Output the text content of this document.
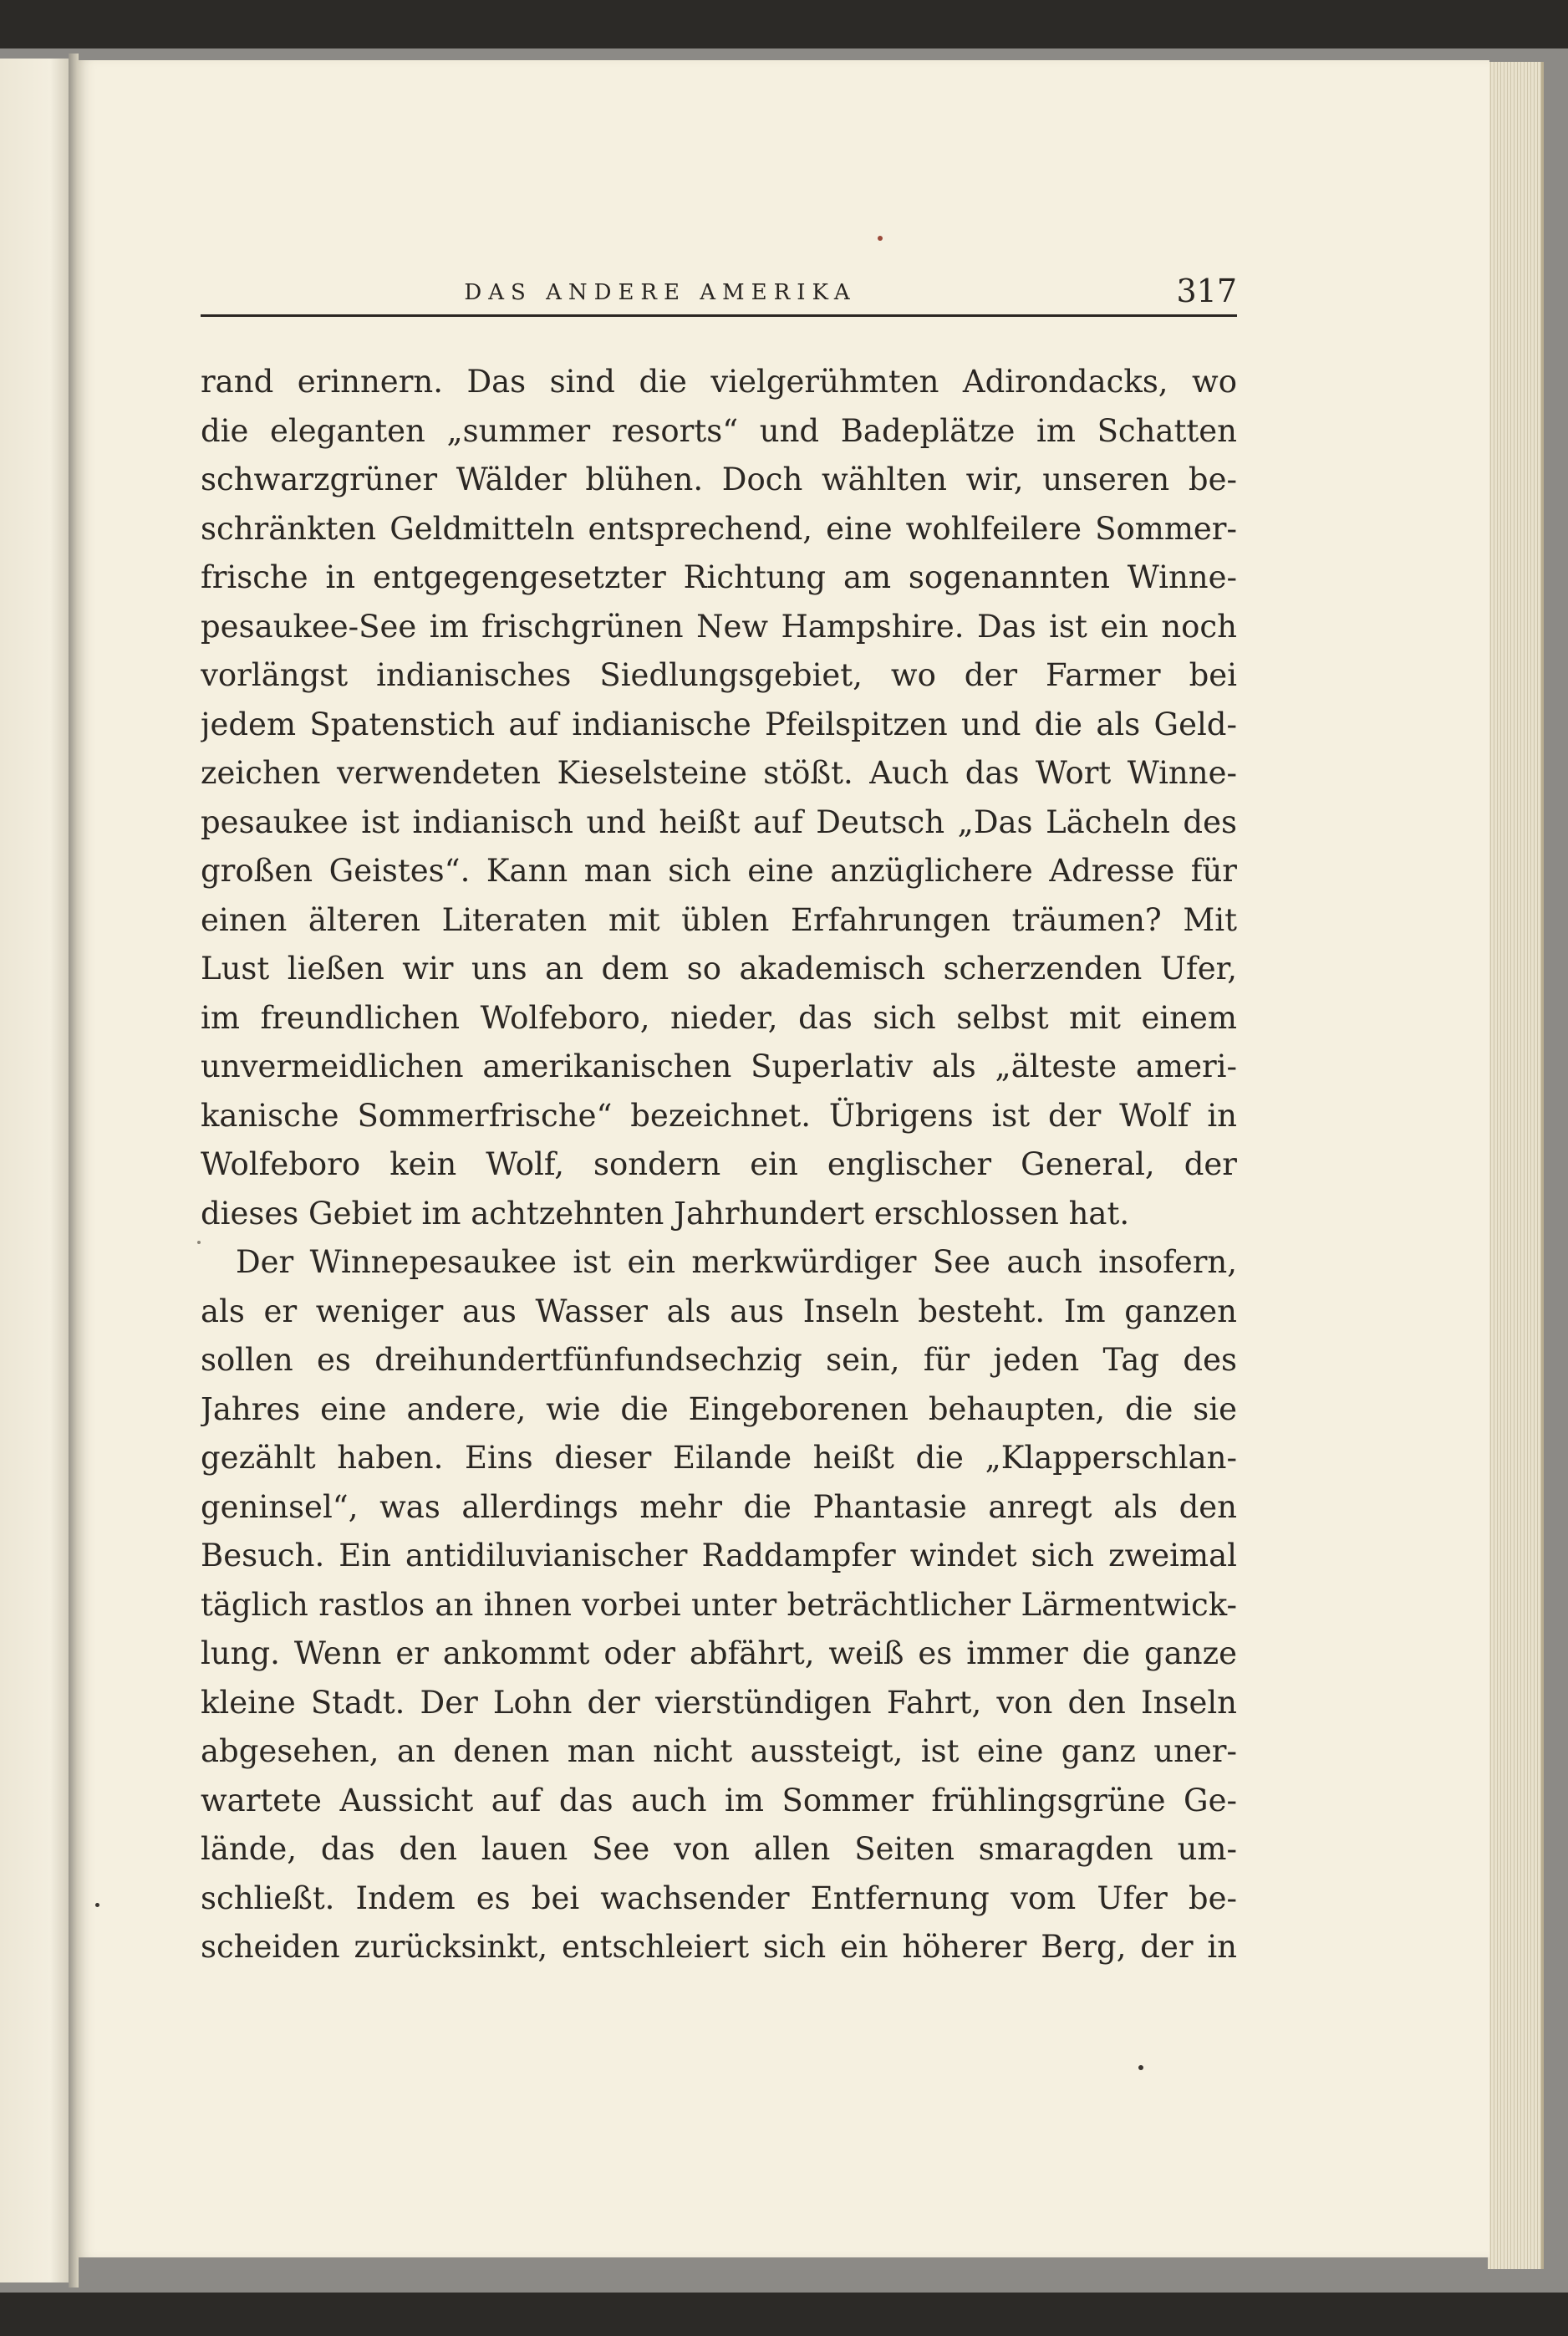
DAS ANDERE AMERIKA	317
rand erinnern. Das sind die vielgerühmten Adirondacks, wo
die eleganten „summer resorts“ und Badeplätze im Schatten
schwarzgrüner Wälder blühen. Doch wählten wir, unseren be-
schränkten Geldmitteln entsprechend, eine wohlfeilere Sommer-
frische in entgegengesetzter Richtung am sogenannten Winne-
pesaukee-See im frischgrünen New Hampshire. Das ist ein noch
vorlängst indianisches Siedlungsgebiet, wo der Farmer bei
jedem Spatenstich auf indianische Pfeilspitzen und die als Geld-
zeichen verwendeten Kieselsteine stößt. Auch das Wort Winne-
pesaukee ist indianisch und heißt auf Deutsch „Das Lächeln des
großen Geistes“. Kann man sich eine anzüglichere Adresse für
einen älteren Literaten mit üblen Erfahrungen träumen? Mit
Lust ließen wir uns an dem so akademisch scherzenden Ufer,
im freundlichen Wolfeboro, nieder, das sich selbst mit einem
unvermeidlichen amerikanischen Superlativ als „älteste ameri-
kanische Sommerfrische“ bezeichnet. Übrigens ist der Wolf in
Wolfeboro kein Wolf, sondern ein englischer General, der
dieses Gebiet im achtzehnten Jahrhundert erschlossen hat.
Der Winnepesaukee ist ein merkwürdiger See auch insofern,
als er weniger aus Wasser als aus Inseln besteht. Im ganzen
sollen es dreihundertfünfundsechzig sein, für jeden Tag des
Jahres eine andere, wie die Eingeborenen behaupten, die sie
gezählt haben. Eins dieser Eilande heißt die „Klapperschlan-
geninsel“, was allerdings mehr die Phantasie anregt als den
Besuch. Ein antidiluvianischer Raddampfer windet sich zweimal
täglich rastlos an ihnen vorbei unter beträchtlicher Lärmentwick-
lung. Wenn er ankommt oder abfährt, weiß es immer die ganze
kleine Stadt. Der Lohn der vierstündigen Fahrt, von den Inseln
abgesehen, an denen man nicht aussteigt, ist eine ganz uner-
wartete Aussicht auf das auch im Sommer frühlingsgrüne Ge-
lände, das den lauen See von allen Seiten smaragden um-
schließt. Indem es bei wachsender Entfernung vom Ufer be-
scheiden zurücksinkt, entschleiert sich ein höherer Berg, der in
